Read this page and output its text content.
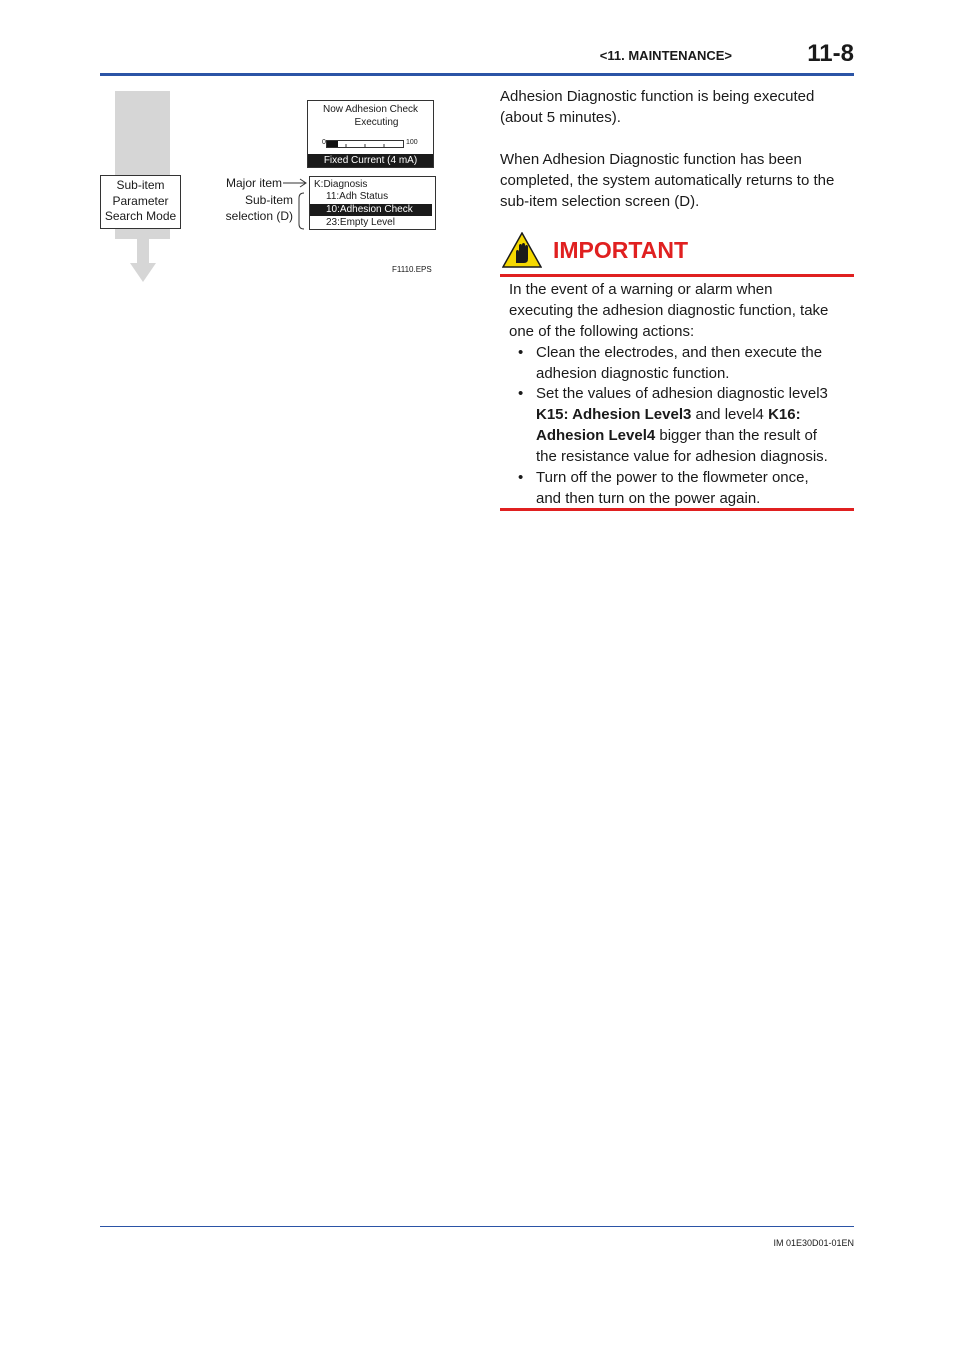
<11. MAINTENANCE>	11-8
Sub-item
Parameter
Search Mode
Now Adhesion Check
Executing
0	100
Fixed Current (4 mA)
K:Diagnosis
11:Adh Status
10:Adhesion Check
23:Empty Level
Major item
Sub-item
selection (D)
F1110.EPS
Adhesion Diagnostic function is being executed
(about 5 minutes).
When Adhesion Diagnostic function has been
completed, the system automatically returns to the
sub-item selection screen (D).
IMPORTANT
In the event of a warning or alarm when
executing the adhesion diagnostic function, take
one of the following actions:
• Clean the electrodes, and then execute the
adhesion diagnostic function.
• Set the values of adhesion diagnostic level3
K15: Adhesion Level3 and level4 K16:
Adhesion Level4 bigger than the result of
the resistance value for adhesion diagnosis.
• Turn off the power to the flowmeter once,
and then turn on the power again.
IM 01E30D01-01EN
